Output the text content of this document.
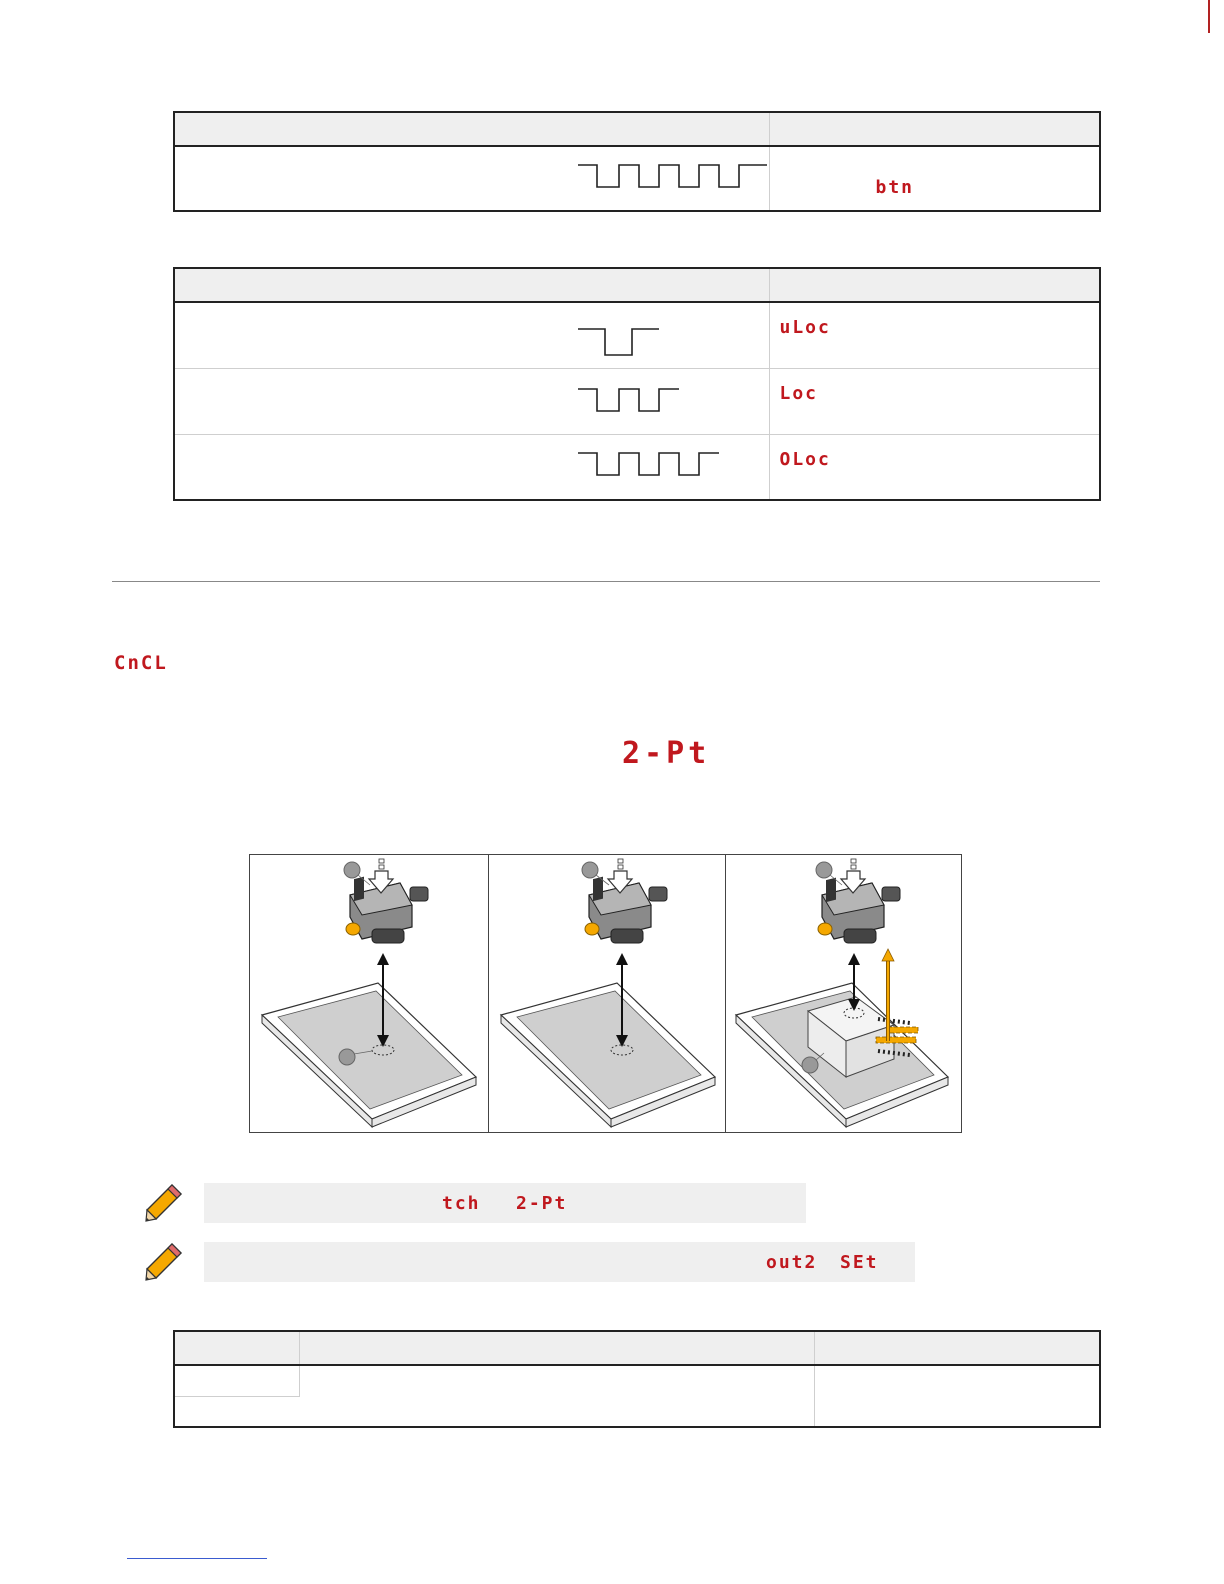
btn

uLoc

Loc

OLoc
CnCL
2-Pt
tch 2-Pt
out2 SEt
